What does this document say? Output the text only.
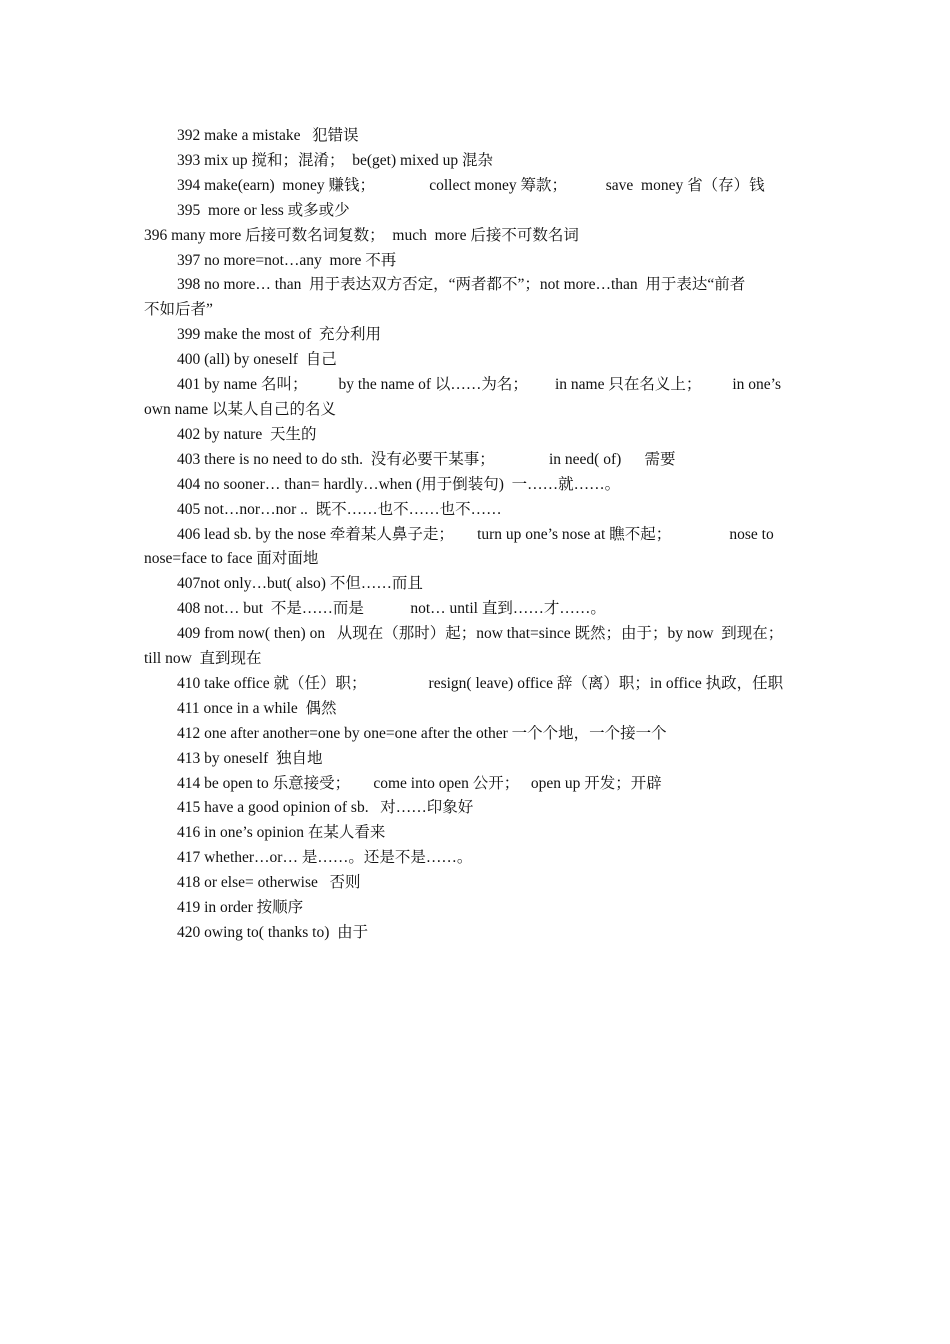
392 make a mistake   犯错误

393 mix up 搅和；混淆；  be(get) mixed up 混杂

394 make(earn)  money 赚钱；              collect money 筹款；          save  money 省（存）钱

395  more or less 或多或少

396 many more 后接可数名词复数；  much  more 后接不可数名词

397 no more=not…any  more 不再

398 no more… than  用于表达双方否定，“两者都不”；not more…than  用于表达“前者

不如后者”

399 make the most of  充分利用

400 (all) by oneself  自己

401 by name 名叫；        by the name of 以……为名；       in name 只在名义上；        in one’s

own name 以某人自己的名义

402 by nature  天生的

403 there is no need to do sth.  没有必要干某事；              in need( of)      需要

404 no sooner… than= hardly…when (用于倒装句)  一……就……。

405 not…nor…nor ..  既不……也不……也不……

406 lead sb. by the nose 牵着某人鼻子走；      turn up one’s nose at 瞧不起；               nose to

nose=face to face 面对面地

407not only…but( also) 不但……而且

408 not… but  不是……而是            not… until 直到……才……。

409 from now( then) on   从现在（那时）起；now that=since 既然；由于；by now  到现在；

till now  直到现在

410 take office 就（任）职；                resign( leave) office 辞（离）职；in office 执政，任职

411 once in a while  偶然

412 one after another=one by one=one after the other 一个个地，一个接一个

413 by oneself  独自地

414 be open to 乐意接受；      come into open 公开；   open up 开发；开辟

415 have a good opinion of sb.   对……印象好

416 in one’s opinion 在某人看来

417 whether…or… 是……。还是不是……。

418 or else= otherwise   否则

419 in order 按顺序

420 owing to( thanks to)  由于
